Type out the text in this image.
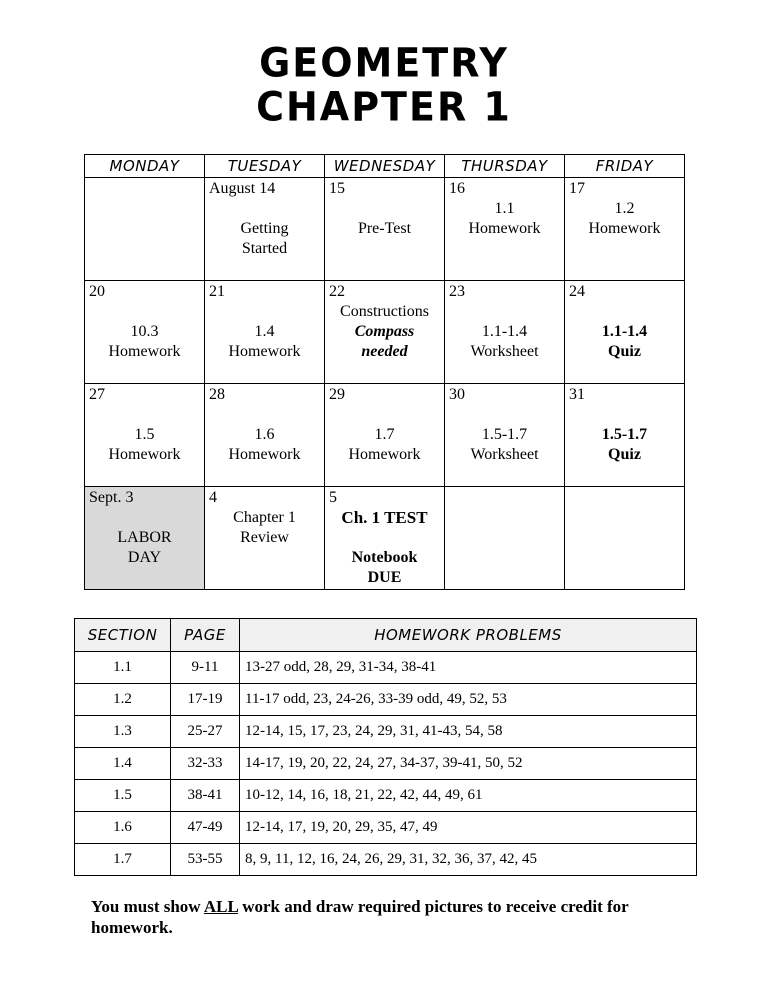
GEOMETRY
CHAPTER 1
MONDAY	TUESDAY	WEDNESDAY	THURSDAY	FRIDAY

	August 14
Getting
Started	15
Pre-Test	16
1.1
Homework	17
1.2
Homework

20
10.3
Homework	21
1.4
Homework	22
Constructions
Compass
needed	23
1.1-1.4
Worksheet	24
1.1-1.4
Quiz

27
1.5
Homework	28
1.6
Homework	29
1.7
Homework	30
1.5-1.7
Worksheet	31
1.5-1.7
Quiz

Sept. 3
LABOR
DAY	4
Chapter 1
Review	5
Ch. 1 TEST
Notebook
DUE		

SECTION	PAGE	HOMEWORK PROBLEMS
1.1	9-11	13-27 odd, 28, 29, 31-34, 38-41
1.2	17-19	11-17 odd, 23, 24-26, 33-39 odd, 49, 52, 53
1.3	25-27	12-14, 15, 17, 23, 24, 29, 31, 41-43, 54, 58
1.4	32-33	14-17, 19, 20, 22, 24, 27, 34-37, 39-41, 50, 52
1.5	38-41	10-12, 14, 16, 18, 21, 22, 42, 44, 49, 61
1.6	47-49	12-14, 17, 19, 20, 29, 35, 47, 49
1.7	53-55	8, 9, 11, 12, 16, 24, 26, 29, 31, 32, 36, 37, 42, 45
You must show ALL work and draw required pictures to receive credit for homework.
